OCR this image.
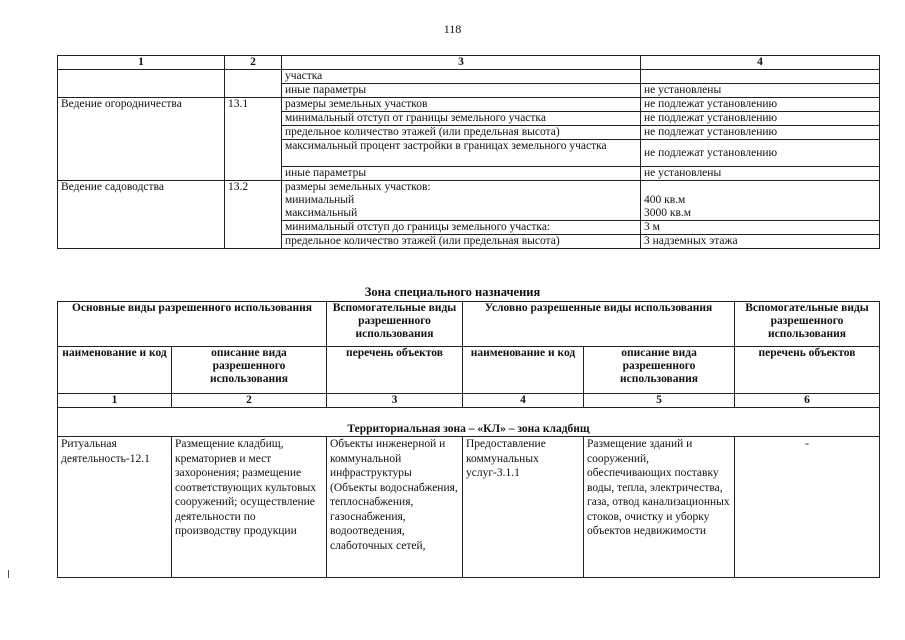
118
1	2	3	4
		участка	
		иные параметры	не установлены
Ведение огородничества	13.1	размеры земельных участков	не подлежат установлению
		минимальный отступ от границы земельного участка	не подлежат установлению
		предельное количество этажей (или предельная высота)	не подлежат установлению
		максимальный процент застройки в границах земельного участка	не подлежат установлению
		иные параметры	не установлены
Ведение садоводства	13.2	размеры земельных участков:	
		минимальный	400 кв.м
		максимальный	3000 кв.м
		минимальный отступ до границы земельного участка:	3 м
		предельное количество этажей (или предельная высота)	3 надземных этажа
Зона специального назначения
Основные виды разрешенного использования		Вспомогательные виды разрешенного использования	Условно разрешенные виды использования		Вспомогательные виды разрешенного использования
наименование и код	описание вида разрешенного использования	перечень объектов	наименование и код	описание вида разрешенного использования	перечень объектов
1	2	3	4	5	6
Территориальная зона – «КЛ» – зона кладбищ					
Ритуальная деятельность-12.1	Размещение кладбищ, крематориев и мест захоронения; размещение соответствующих культовых сооружений; осуществление деятельности по производству продукции	Объекты инженерной и коммунальной инфраструктуры (Объекты водоснабжения, теплоснабжения, газоснабжения, водоотведения, слаботочных сетей,	Предоставление коммунальных услуг-3.1.1	Размещение зданий и сооружений, обеспечивающих поставку воды, тепла, электричества, газа, отвод канализационных стоков, очистку и уборку объектов недвижимости	-
